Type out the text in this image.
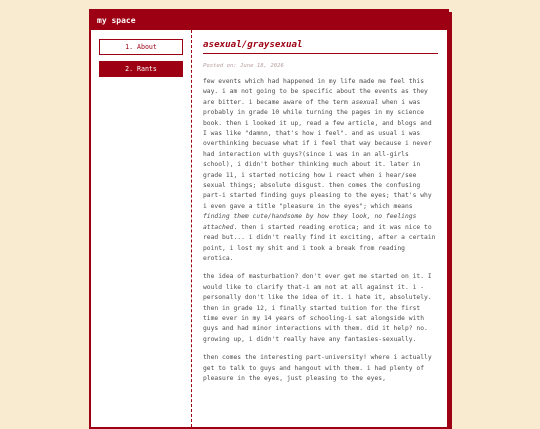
my space
1. About
2. Rants
asexual/graysexual
Posted on: June 18, 2026

few events which had happened in my life made me feel this way. i am not going to be specific about the events as they are bitter. i became aware of the term asexual when i was probably in grade 10 while turning the pages in my science book. then i looked it up, read a few article, and blogs and I was like "damnn, that's how i feel". and as usual i was overthinking becuase what if i feel that way because i never had interaction with guys?(since i was in an all-girls school), i didn't bother thinking much about it. later in grade 11, i started noticing how i react when i hear/see sexual things; absolute disgust. then comes the confusing part-i started finding guys pleasing to the eyes; that's why i even gave a title "pleasure in the eyes"; which means finding them cute/handsome by how they look, no feelings attached. then i started reading erotica; and it was nice to read but... i didn't really find it exciting, after a certain point, i lost my shit and i took a break from reading erotica.

the idea of masturbation? don't ever get me started on it. I would like to clarify that-i am not at all against it. i -personally don't like the idea of it. i hate it, absolutely. then in grade 12, i finally started tuition for the first time ever in my 14 years of schooling-i sat alongside with guys and had minor interactions with them. did it help? no. growing up, i didn't really have any fantasies-sexually.

then comes the interesting part-university! where i actually get to talk to guys and hangout with them. i had plenty of pleasure in the eyes, just pleasing to the eyes,
